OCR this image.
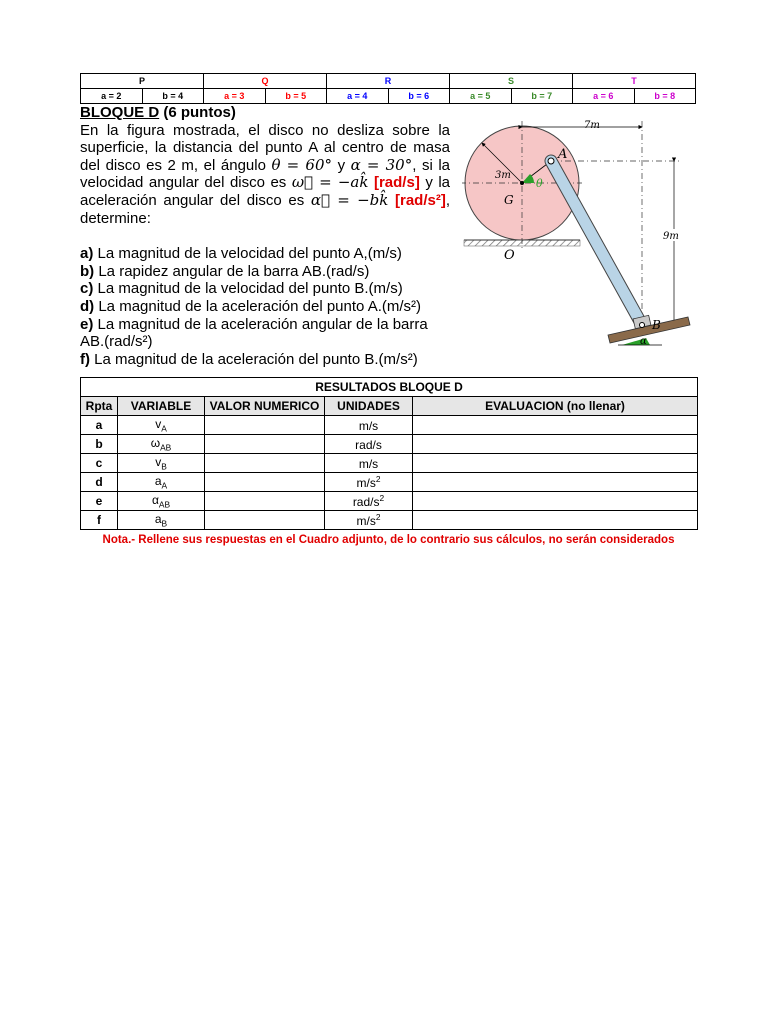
P		Q		R		S		T	
a = 2	b = 4	a = 3	b = 5	a = 4	b = 6	a = 5	b = 7	a = 6	b = 8

BLOQUE D (6 puntos)

En la figura mostrada, el disco no desliza sobre la superficie, la distancia del punto A al centro de masa del disco es 2 m, el ángulo θ = 60° y α = 30°, si la velocidad angular del disco es ω⃗ = −ak̂ [rad/s] y la aceleración angular del disco es α⃗ = −bk̂ [rad/s²], determine:

a) La magnitud de la velocidad del punto A,(m/s)

b) La rapidez angular de la barra AB.(rad/s)

c) La magnitud de la velocidad del punto B.(m/s)

d) La magnitud de la aceleración del punto A.(m/s²)

e) La magnitud de la aceleración angular de la barra AB.(rad/s²)

f) La magnitud de la aceleración del punto B.(m/s²)

7m
9m
3m
θ
G
O
A
B
α
RESULTADOS BLOQUE D				
Rpta	VARIABLE	VALOR NUMERICO	UNIDADES	EVALUACION (no llenar)
a	$v_A$		m/s	
b	$\omega_{AB}$		rad/s	
c	$v_B$		m/s	
d	$a_A$		$m/s^2$	
e	$\alpha_{AB}$		rad/$s^2$	
f	$a_B$		$m/s^2$	
Nota.- Rellene sus respuestas en el Cuadro adjunto, de lo contrario sus cálculos, no serán considerados
